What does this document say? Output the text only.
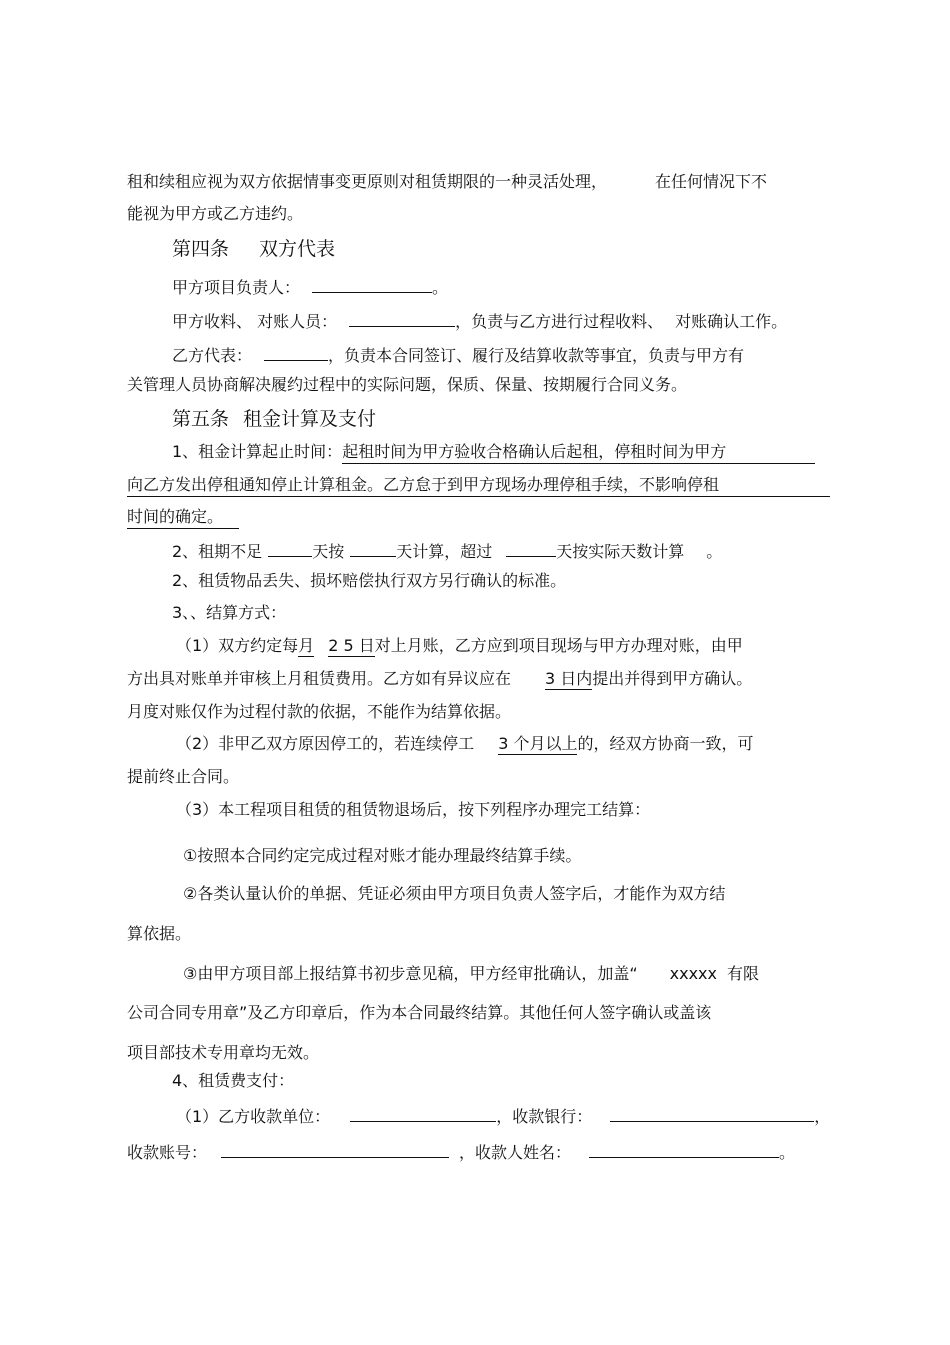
租和续租应视为双方依据情事变更原则对租赁期限的一种灵活处理，	在任何情况下不
能视为甲方或乙方违约。
第四条 双方代表
甲方项目负责人：	。
甲方收料、 对账人员：	，负责与乙方进行过程收料、 对账确认工作。
乙方代表：	，负责本合同签订、履行及结算收款等事宜，负责与甲方有
关管理人员协商解决履约过程中的实际问题，保质、保量、按期履行合同义务。
第五条 租金计算及支付
1、租金计算起止时间：起租时间为甲方验收合格确认后起租，停租时间为甲方
向乙方发出停租通知停止计算租金。乙方怠于到甲方现场办理停租手续，不影响停租
时间的确定。
2、租期不足	天按	天计算，超过	天按实际天数计算 。
2、租赁物品丢失、损坏赔偿执行双方另行确认的标准。
3、、结算方式：
（1）双方约定每月 2 5 日对上月账，乙方应到项目现场与甲方办理对账，由甲
方出具对账单并审核上月租赁费用。乙方如有异议应在 3 日内提出并得到甲方确认。
月度对账仅作为过程付款的依据，不能作为结算依据。
（2）非甲乙双方原因停工的，若连续停工 3 个月以上的，经双方协商一致，可
提前终止合同。
（3）本工程项目租赁的租赁物退场后，按下列程序办理完工结算：
①按照本合同约定完成过程对账才能办理最终结算手续。
②各类认量认价的单据、凭证必须由甲方项目负责人签字后，才能作为双方结
算依据。
③由甲方项目部上报结算书初步意见稿，甲方经审批确认，加盖“ xxxxx 有限
公司合同专用章”及乙方印章后，作为本合同最终结算。其他任何人签字确认或盖该
项目部技术专用章均无效。
4、租赁费支付：
（1）乙方收款单位：	，收款银行：	，
收款账号：	，收款人姓名：	。
